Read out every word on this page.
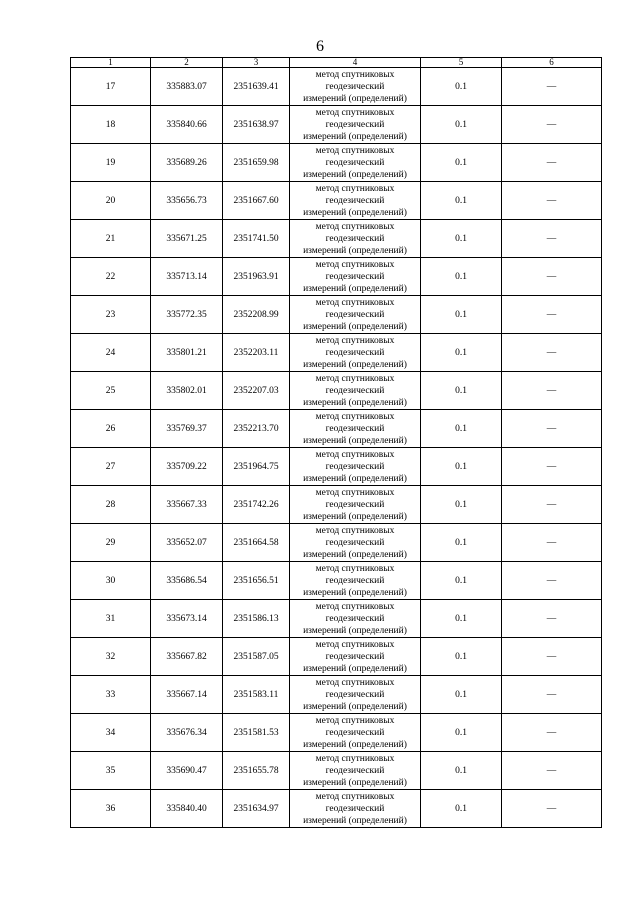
6
1	2	3	4	5	6
17	335883.07	2351639.41	метод спутниковых
геодезический
измерений (определений)	0.1	—
18	335840.66	2351638.97	метод спутниковых
геодезический
измерений (определений)	0.1	—
19	335689.26	2351659.98	метод спутниковых
геодезический
измерений (определений)	0.1	—
20	335656.73	2351667.60	метод спутниковых
геодезический
измерений (определений)	0.1	—
21	335671.25	2351741.50	метод спутниковых
геодезический
измерений (определений)	0.1	—
22	335713.14	2351963.91	метод спутниковых
геодезический
измерений (определений)	0.1	—
23	335772.35	2352208.99	метод спутниковых
геодезический
измерений (определений)	0.1	—
24	335801.21	2352203.11	метод спутниковых
геодезический
измерений (определений)	0.1	—
25	335802.01	2352207.03	метод спутниковых
геодезический
измерений (определений)	0.1	—
26	335769.37	2352213.70	метод спутниковых
геодезический
измерений (определений)	0.1	—
27	335709.22	2351964.75	метод спутниковых
геодезический
измерений (определений)	0.1	—
28	335667.33	2351742.26	метод спутниковых
геодезический
измерений (определений)	0.1	—
29	335652.07	2351664.58	метод спутниковых
геодезический
измерений (определений)	0.1	—
30	335686.54	2351656.51	метод спутниковых
геодезический
измерений (определений)	0.1	—
31	335673.14	2351586.13	метод спутниковых
геодезический
измерений (определений)	0.1	—
32	335667.82	2351587.05	метод спутниковых
геодезический
измерений (определений)	0.1	—
33	335667.14	2351583.11	метод спутниковых
геодезический
измерений (определений)	0.1	—
34	335676.34	2351581.53	метод спутниковых
геодезический
измерений (определений)	0.1	—
35	335690.47	2351655.78	метод спутниковых
геодезический
измерений (определений)	0.1	—
36	335840.40	2351634.97	метод спутниковых
геодезический
измерений (определений)	0.1	—
